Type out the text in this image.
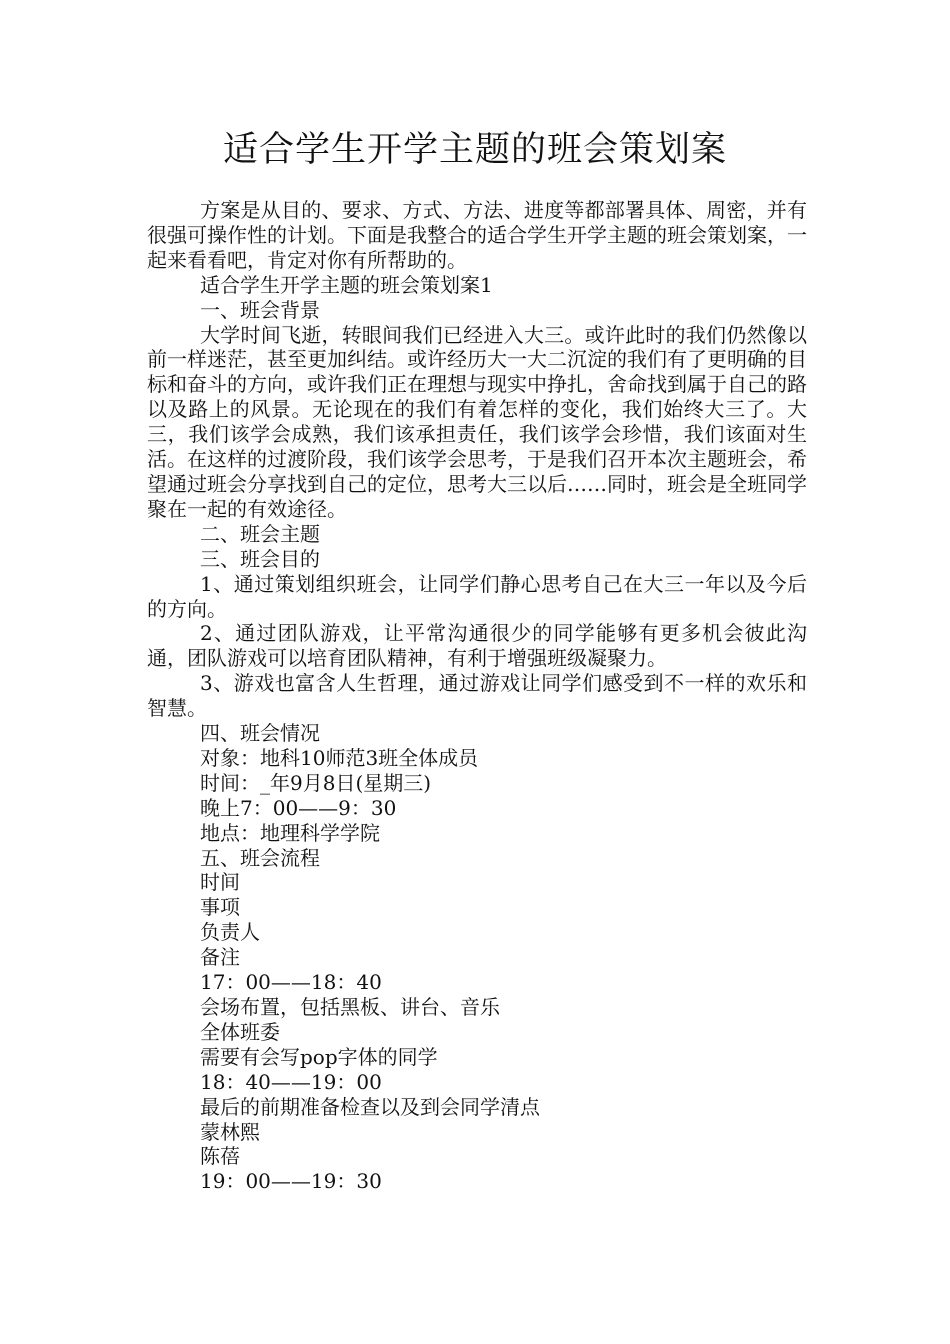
适合学生开学主题的班会策划案

方案是从目的、要求、方式、方法、进度等都部署具体、周密，并有很强可操作性的计划。下面是我整合的适合学生开学主题的班会策划案，一起来看看吧，肯定对你有所帮助的。

适合学生开学主题的班会策划案1

一、班会背景

大学时间飞逝，转眼间我们已经进入大三。或许此时的我们仍然像以前一样迷茫，甚至更加纠结。或许经历大一大二沉淀的我们有了更明确的目标和奋斗的方向，或许我们正在理想与现实中挣扎，舍命找到属于自己的路以及路上的风景。无论现在的我们有着怎样的变化，我们始终大三了。大三，我们该学会成熟，我们该承担责任，我们该学会珍惜，我们该面对生活。在这样的过渡阶段，我们该学会思考，于是我们召开本次主题班会，希望通过班会分享找到自己的定位，思考大三以后……同时，班会是全班同学聚在一起的有效途径。

二、班会主题

三、班会目的

1、通过策划组织班会，让同学们静心思考自己在大三一年以及今后的方向。

2、通过团队游戏，让平常沟通很少的同学能够有更多机会彼此沟通，团队游戏可以培育团队精神，有利于增强班级凝聚力。

3、游戏也富含人生哲理，通过游戏让同学们感受到不一样的欢乐和智慧。

四、班会情况

对象：地科10师范3班全体成员

时间：_年9月8日(星期三)

晚上7：00——9：30

地点：地理科学学院

五、班会流程

时间

事项

负责人

备注

17：00——18：40

会场布置，包括黑板、讲台、音乐

全体班委

需要有会写pop字体的同学

18：40——19：00

最后的前期准备检查以及到会同学清点

蒙林熙

陈蓓

19：00——19：30
